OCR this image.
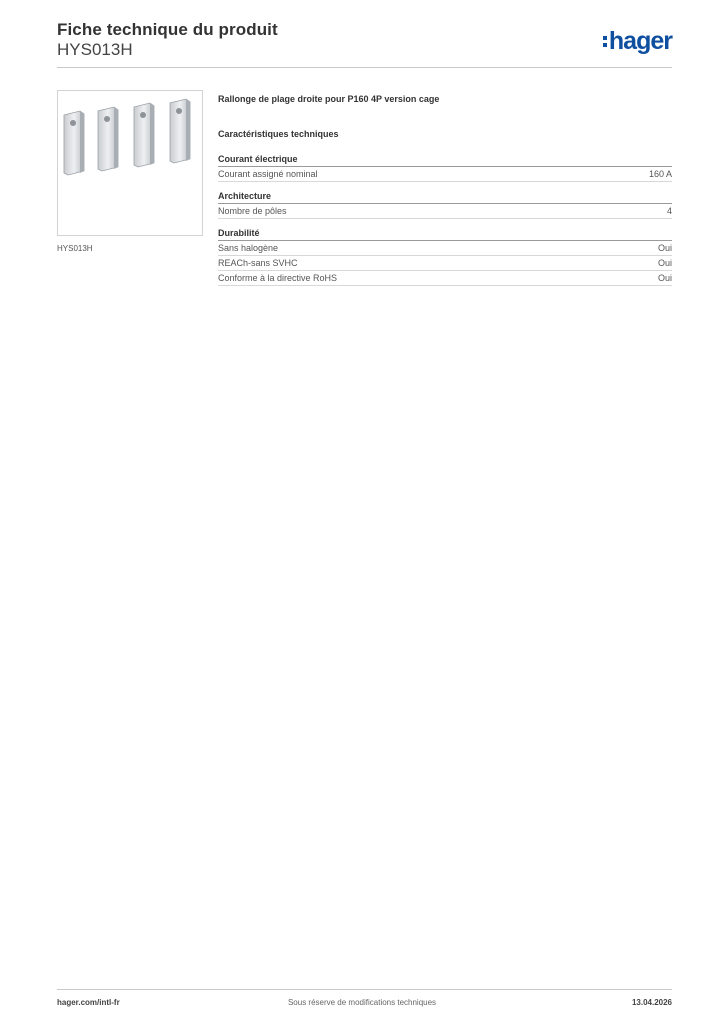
Fiche technique du produit
HYS013H	hager
HYS013H
Rallonge de plage droite pour P160 4P version cage
Caractéristiques techniques
Courant électrique
Courant assigné nominal	160 A
Architecture
Nombre de pôles	4
Durabilité
Sans halogène	Oui
REACh-sans SVHC	Oui
Conforme à la directive RoHS	Oui
hager.com/intl-fr	Sous réserve de modifications techniques	13.04.2026
